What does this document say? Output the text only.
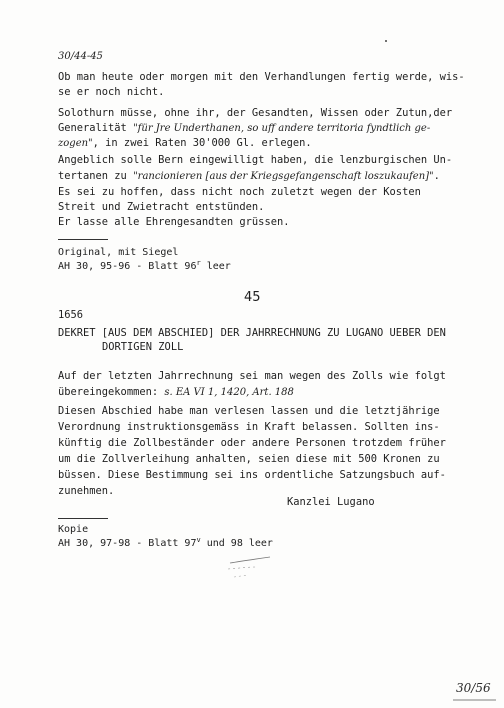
30/44-45
Ob man heute oder morgen mit den Verhandlungen fertig werde, wis-
se er noch nicht.
Solothurn müsse, ohne ihr, der Gesandten, Wissen oder Zutun,der
Generalität "für Jre Underthanen, so uff andere territoria fyndtlich ge-
zogen", in zwei Raten 30'000 Gl. erlegen.
Angeblich solle Bern eingewilligt haben, die lenzburgischen Un-
tertanen zu "rancionieren [aus der Kriegsgefangenschaft loszukaufen]".
Es sei zu hoffen, dass nicht noch zuletzt wegen der Kosten
Streit und Zwietracht entstünden.
Er lasse alle Ehrengesandten grüssen.
Original, mit Siegel
AH 30, 95-96 - Blatt 96$^r$ leer
45
1656
DEKRET [AUS DEM ABSCHIED] DER JAHRRECHNUNG ZU LUGANO UEBER DEN
DORTIGEN ZOLL
Auf der letzten Jahrrechnung sei man wegen des Zolls wie folgt
übereingekommen: s. EA VI 1, 1420, Art. 188
Diesen Abschied habe man verlesen lassen und die letztjährige
Verordnung instruktionsgemäss in Kraft belassen. Sollten ins-
künftig die Zollbeständer oder andere Personen trotzdem früher
um die Zollverleihung anhalten, seien diese mit 500 Kronen zu
büssen. Diese Bestimmung sei ins ordentliche Satzungsbuch auf-
zunehmen.
Kanzlei Lugano
Kopie
AH 30, 97-98 - Blatt 97$^v$ und 98 leer
30/56
